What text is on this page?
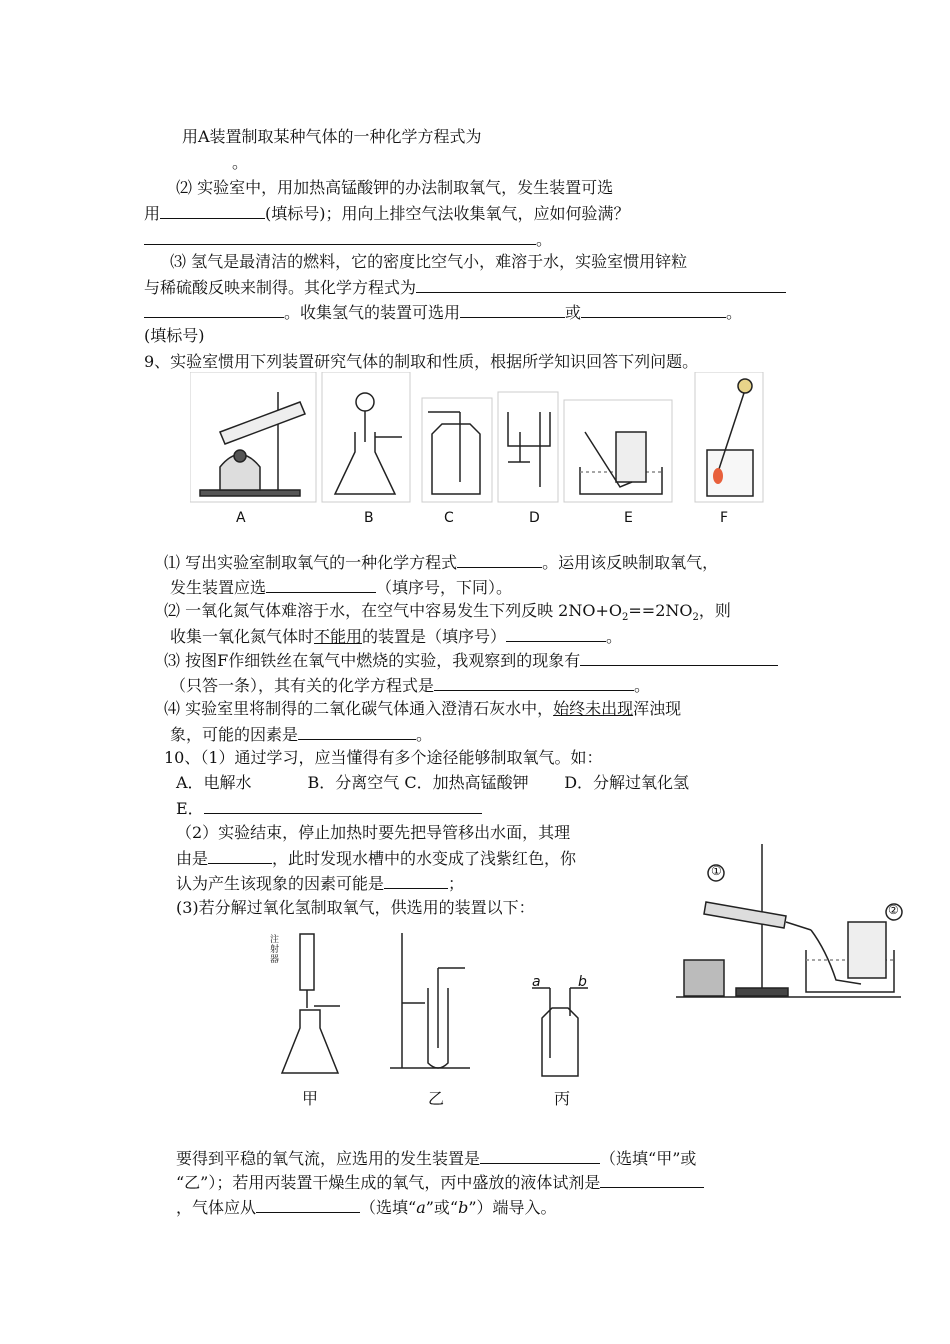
用A装置制取某种气体的一种化学方程式为
。
⑵ 实验室中，用加热高锰酸钾的办法制取氧气，发生装置可选
用	(填标号)；用向上排空气法收集氧气，应如何验满？
。
⑶ 氢气是最清洁的燃料，它的密度比空气小，难溶于水，实验室惯用锌粒
与稀硫酸反映来制得。其化学方程式为
。收集氢气的装置可选用	或	。
(填标号)
9、实验室惯用下列装置研究气体的制取和性质，根据所学知识回答下列问题。
A	B	C	D	E	F
⑴ 写出实验室制取氧气的一种化学方程式	。运用该反映制取氧气，
发生装置应选	（填序号，下同）。
⑵ 一氧化氮气体难溶于水，在空气中容易发生下列反映 $2NO+O_2==2NO_2$，则
收集一氧化氮气体时不能用的装置是（填序号）	。
⑶ 按图F作细铁丝在氧气中燃烧的实验，我观察到的现象有
（只答一条），其有关的化学方程式是	。
⑷ 实验室里将制得的二氧化碳气体通入澄清石灰水中，始终未出现浑浊现
象，可能的因素是	。
10、（1）通过学习，应当懂得有多个途径能够制取氧气。如：
A．电解水           B．分离空气 C．加热高锰酸钾       D．分解过氧化氢
E．
（2）实验结束，停止加热时要先把导管移出水面，其理
由是	，此时发现水槽中的水变成了浅紫红色，你
认为产生该现象的因素可能是	；
(3)若分解过氧化氢制取氧气，供选用的装置以下：
①
②
注射器
a	b
甲	乙	丙
要得到平稳的氧气流，应选用的发生装置是	（选填“甲”或
“乙”）；若用丙装置干燥生成的氧气，丙中盛放的液体试剂是
，气体应从	（选填“a”或“b”）端导入。
